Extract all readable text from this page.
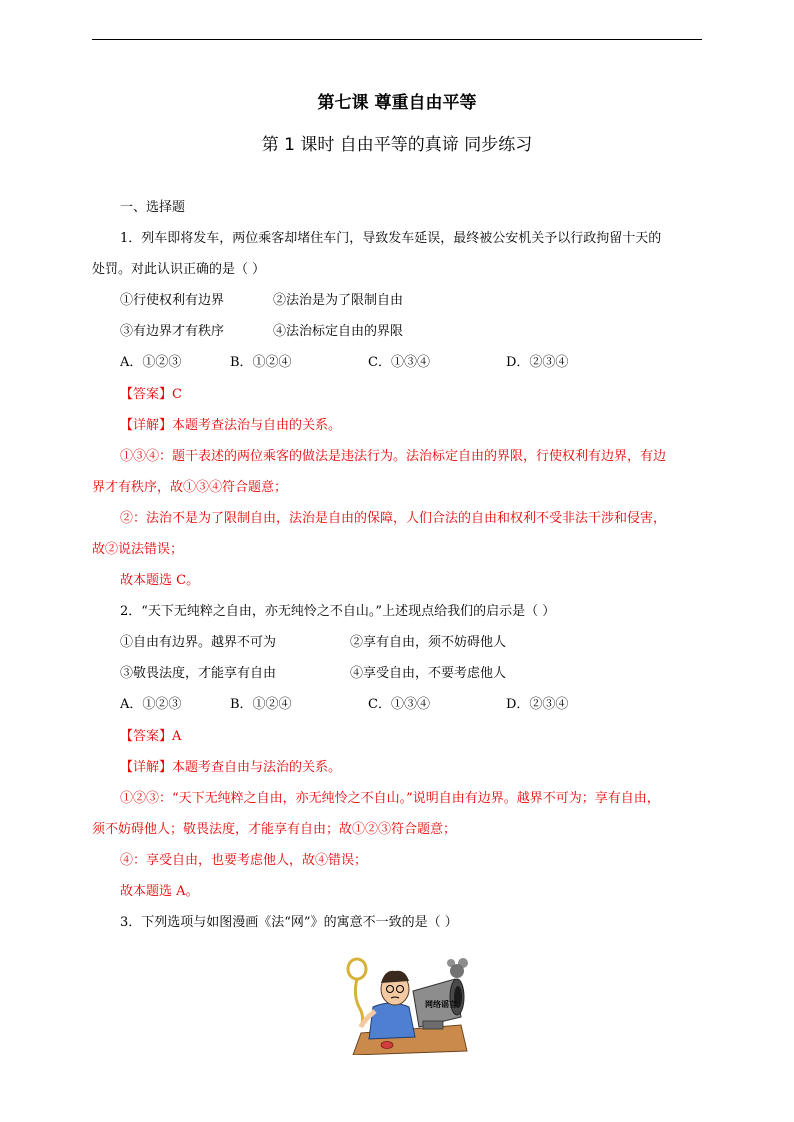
第七课 尊重自由平等
第 1 课时 自由平等的真谛 同步练习
一、选择题
1．列车即将发车，两位乘客却堵住车门，导致发车延误，最终被公安机关予以行政拘留十天的
处罚。对此认识正确的是（ ）
①行使权利有边界	②法治是为了限制自由
③有边界才有秩序	④法治标定自由的界限
A．①②③	B．①②④	C．①③④	D．②③④
【答案】C
【详解】本题考查法治与自由的关系。
①③④：题干表述的两位乘客的做法是违法行为。法治标定自由的界限，行使权利有边界，有边
界才有秩序，故①③④符合题意；
②：法治不是为了限制自由，法治是自由的保障，人们合法的自由和权利不受非法干涉和侵害，
故②说法错误；
故本题选 C。
2．“天下无纯粹之自由，亦无纯怜之不自山。”上述现点给我们的启示是（ ）
①自由有边界。越界不可为	②享有自由，须不妨碍他人
③敬畏法度，才能享有自由	④享受自由，不要考虑他人
A．①②③	B．①②④	C．①③④	D．②③④
【答案】A
【详解】本题考查自由与法治的关系。
①②③：“天下无纯粹之自由，亦无纯怜之不自山。”说明自由有边界。越界不可为；享有自由，
须不妨碍他人；敬畏法度，才能享有自由；故①②③符合题意；
④：享受自由，也要考虑他人，故④错误；
故本题选 A。
3．下列选项与如图漫画《法“网”》的寓意不一致的是（ ）
网络谣言
